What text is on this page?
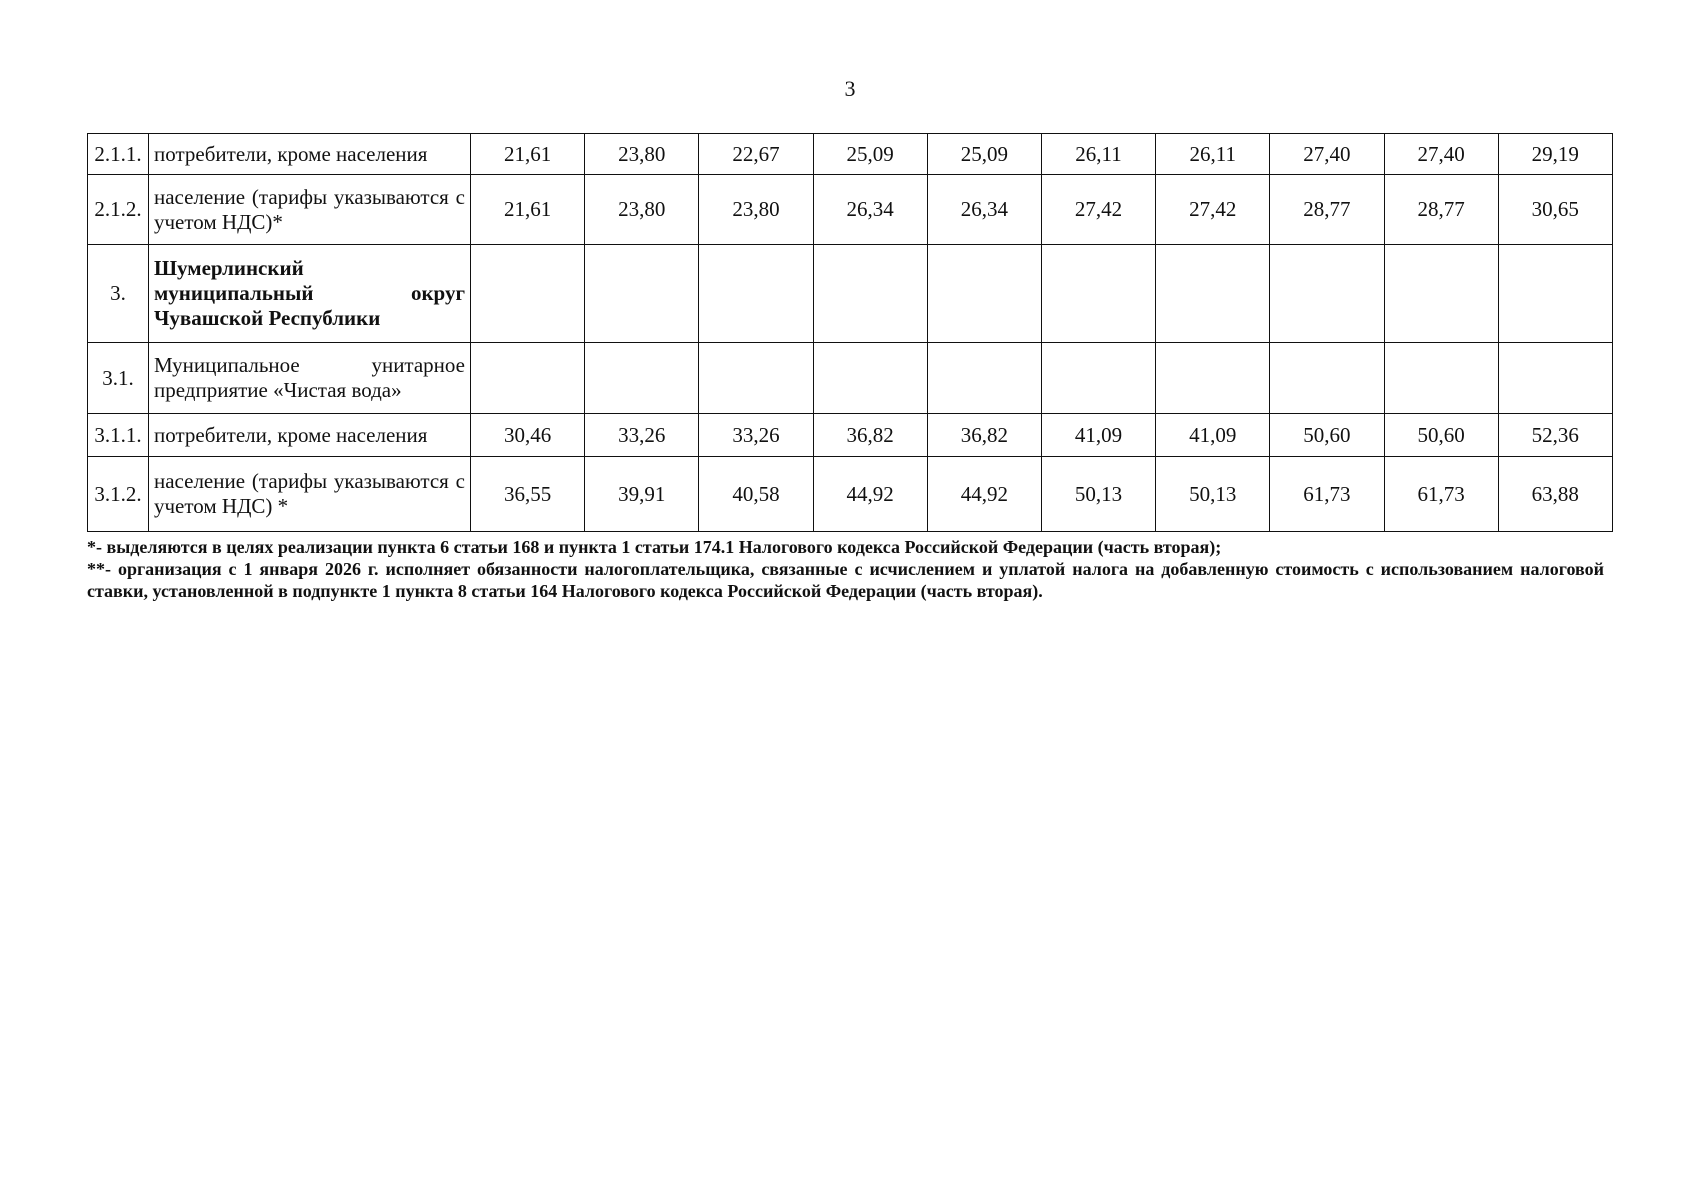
3
2.1.1.	потребители, кроме населения	21,61	23,80	22,67	25,09	25,09	26,11	26,11	27,40	27,40	29,19
2.1.2.	население (тарифы указываются с учетом НДС)*	21,61	23,80	23,80	26,34	26,34	27,42	27,42	28,77	28,77	30,65
3.	Шумерлинский муниципальный округ Чувашской Республики										
3.1.	Муниципальное унитарное предприятие «Чистая вода»										
3.1.1.	потребители, кроме населения	30,46	33,26	33,26	36,82	36,82	41,09	41,09	50,60	50,60	52,36
3.1.2.	население (тарифы указываются с учетом НДС) *	36,55	39,91	40,58	44,92	44,92	50,13	50,13	61,73	61,73	63,88

*- выделяются в целях реализации пункта 6 статьи 168 и пункта 1 статьи 174.1 Налогового кодекса Российской Федерации (часть вторая);

**- организация с 1 января 2026 г. исполняет обязанности налогоплательщика, связанные с исчислением и уплатой налога на добавленную стоимость с использованием налоговой ставки, установленной в подпункте 1 пункта 8 статьи 164 Налогового кодекса Российской Федерации (часть вторая).
